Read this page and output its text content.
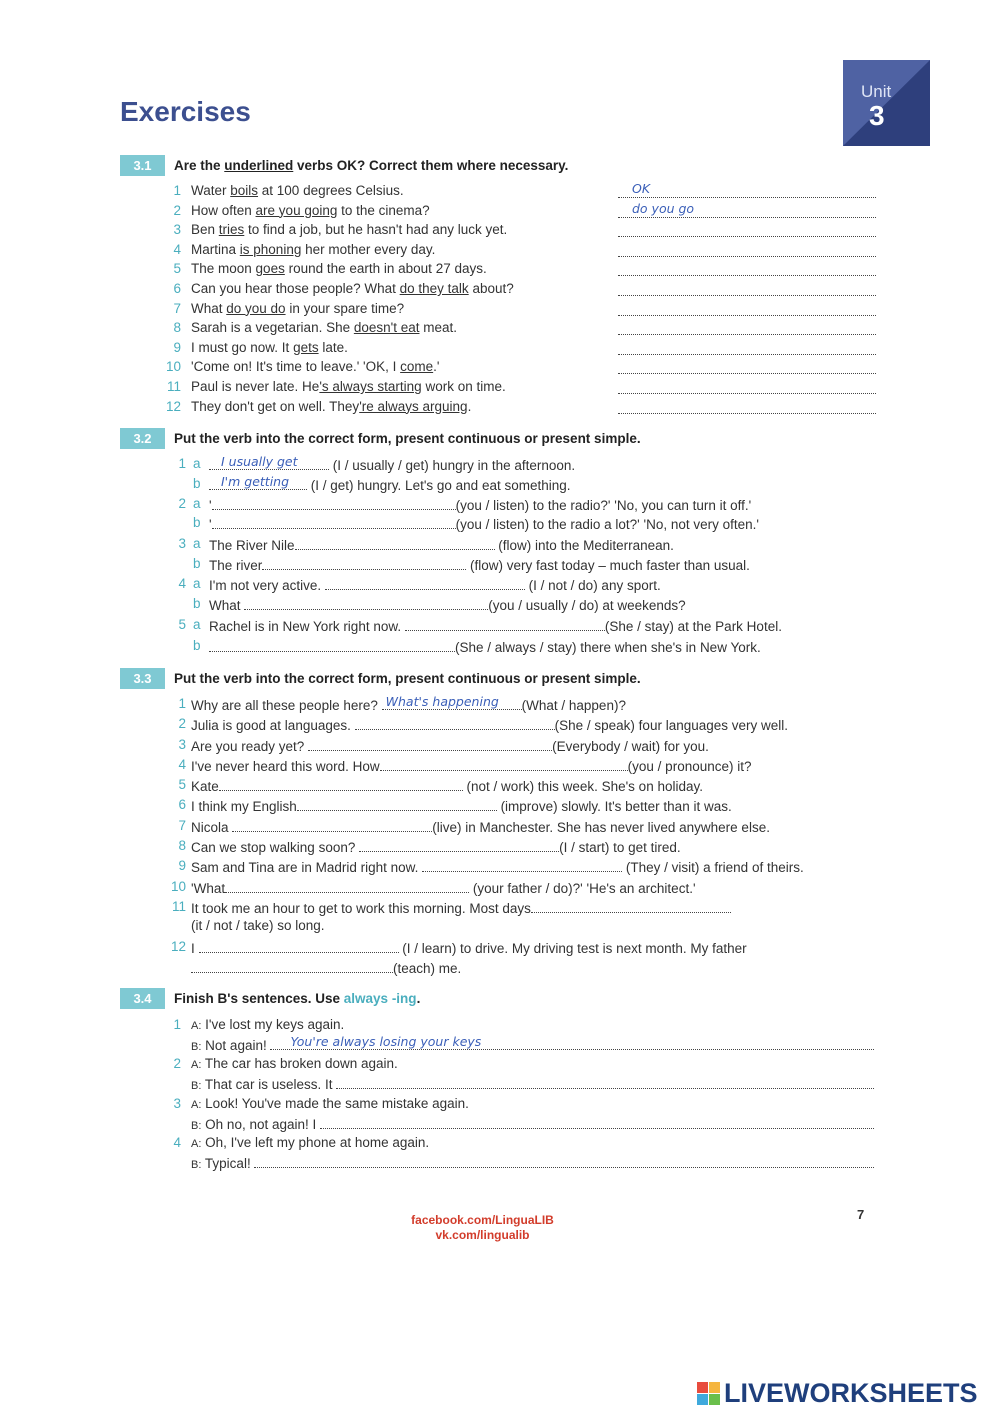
Exercises
Unit
3
3.1	Are the underlined verbs OK? Correct them where necessary.
1 Water boils at 100 degrees Celsius.	OK
2 How often are you going to the cinema?	do you go
3 Ben tries to find a job, but he hasn't had any luck yet.
4 Martina is phoning her mother every day.
5 The moon goes round the earth in about 27 days.
6 Can you hear those people? What do they talk about?
7 What do you do in your spare time?
8 Sarah is a vegetarian. She doesn't eat meat.
9 I must go now. It gets late.
10 'Come on! It's time to leave.' 'OK, I come.'
11 Paul is never late. He's always starting work on time.
12 They don't get on well. They're always arguing.
3.2	Put the verb into the correct form, present continuous or present simple.
1 a I usually get	(I / usually / get) hungry in the afternoon.
b I'm getting (I / get) hungry. Let's go and eat something.
2 a '	(you / listen) to the radio?' 'No, you can turn it off.'
b '	(you / listen) to the radio a lot?' 'No, not very often.'
3 a The River Nile	(flow) into the Mediterranean.
b The river	(flow) very fast today – much faster than usual.
4 a I'm not very active.	(I / not / do) any sport.
b What	(you / usually / do) at weekends?
5 a Rachel is in New York right now.	(She / stay) at the Park Hotel.
b	(She / always / stay) there when she's in New York.
3.3	Put the verb into the correct form, present continuous or present simple.
1 Why are all these people here? What's happening (What / happen)?
2 Julia is good at languages.	(She / speak) four languages very well.
3 Are you ready yet?	(Everybody / wait) for you.
4 I've never heard this word. How	(you / pronounce) it?
5 Kate	(not / work) this week. She's on holiday.
6 I think my English	(improve) slowly. It's better than it was.
7 Nicola	(live) in Manchester. She has never lived anywhere else.
8 Can we stop walking soon?	(I / start) to get tired.
9 Sam and Tina are in Madrid right now.	(They / visit) a friend of theirs.
10 'What	(your father / do)?' 'He's an architect.'
11 It took me an hour to get to work this morning. Most days
(it / not / take) so long.
12 I	(I / learn) to drive. My driving test is next month. My father
(teach) me.
3.4	Finish B's sentences. Use always -ing.
1 A: I've lost my keys again.
B: Not again! You're always losing your keys
2 A: The car has broken down again.
B: That car is useless. It
3 A: Look! You've made the same mistake again.
B: Oh no, not again! I
4 A: Oh, I've left my phone at home again.
B: Typical!
facebook.com/LinguaLIB
vk.com/lingualib
7
LIVEWORKSHEETS
